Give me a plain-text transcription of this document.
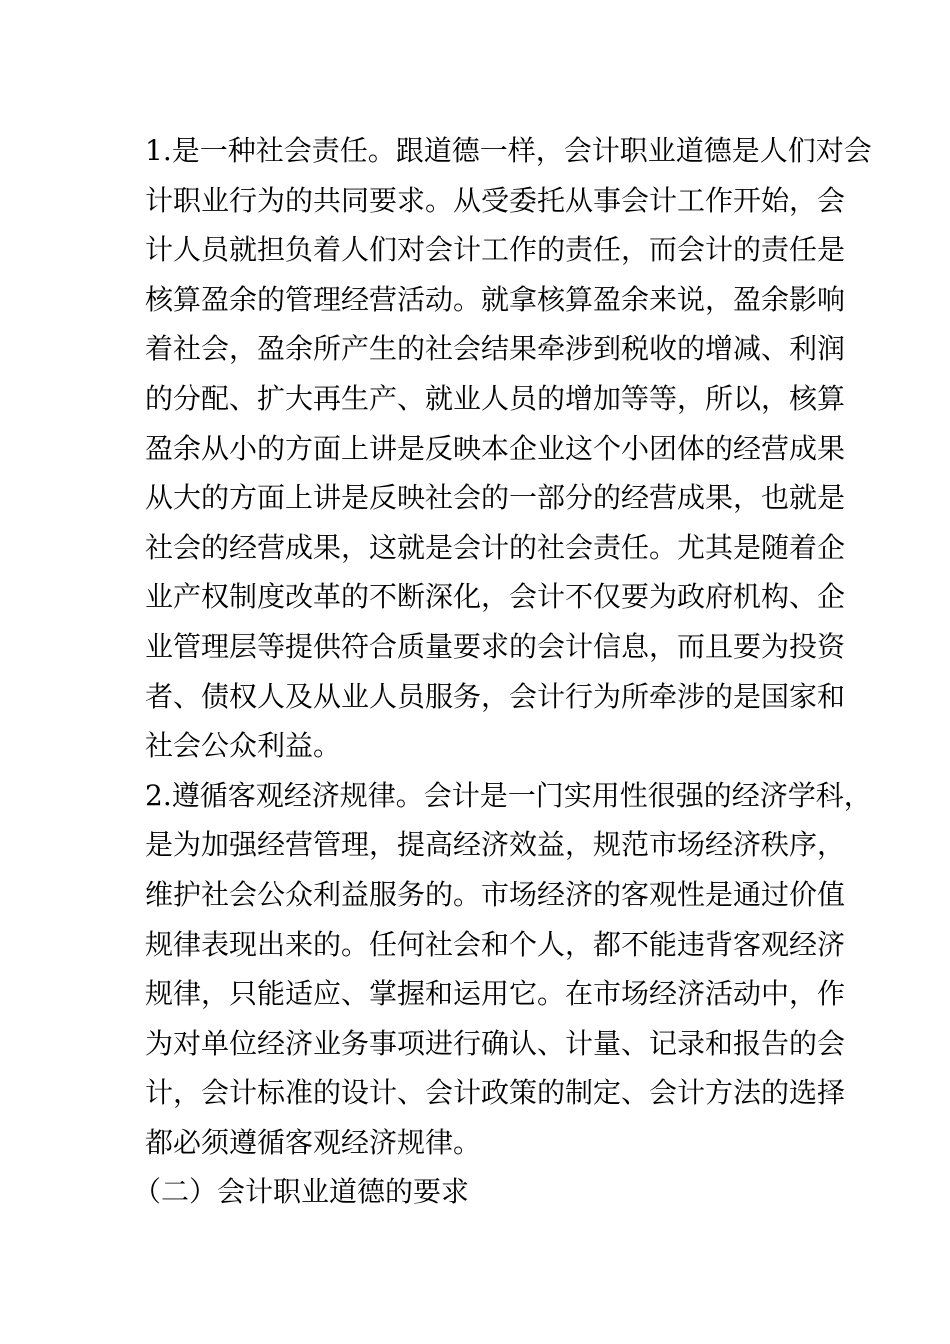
1.是一种社会责任。跟道德一样，会计职业道德是人们对会
计职业行为的共同要求。从受委托从事会计工作开始，会
计人员就担负着人们对会计工作的责任，而会计的责任是
核算盈余的管理经营活动。就拿核算盈余来说，盈余影响
着社会，盈余所产生的社会结果牵涉到税收的增减、利润
的分配、扩大再生产、就业人员的增加等等，所以，核算
盈余从小的方面上讲是反映本企业这个小团体的经营成果
从大的方面上讲是反映社会的一部分的经营成果，也就是
社会的经营成果，这就是会计的社会责任。尤其是随着企
业产权制度改革的不断深化，会计不仅要为政府机构、企
业管理层等提供符合质量要求的会计信息，而且要为投资
者、债权人及从业人员服务，会计行为所牵涉的是国家和
社会公众利益。
2.遵循客观经济规律。会计是一门实用性很强的经济学科，
是为加强经营管理，提高经济效益，规范市场经济秩序，
维护社会公众利益服务的。市场经济的客观性是通过价值
规律表现出来的。任何社会和个人，都不能违背客观经济
规律，只能适应、掌握和运用它。在市场经济活动中，作
为对单位经济业务事项进行确认、计量、记录和报告的会
计，会计标准的设计、会计政策的制定、会计方法的选择
都必须遵循客观经济规律。
（二）会计职业道德的要求
